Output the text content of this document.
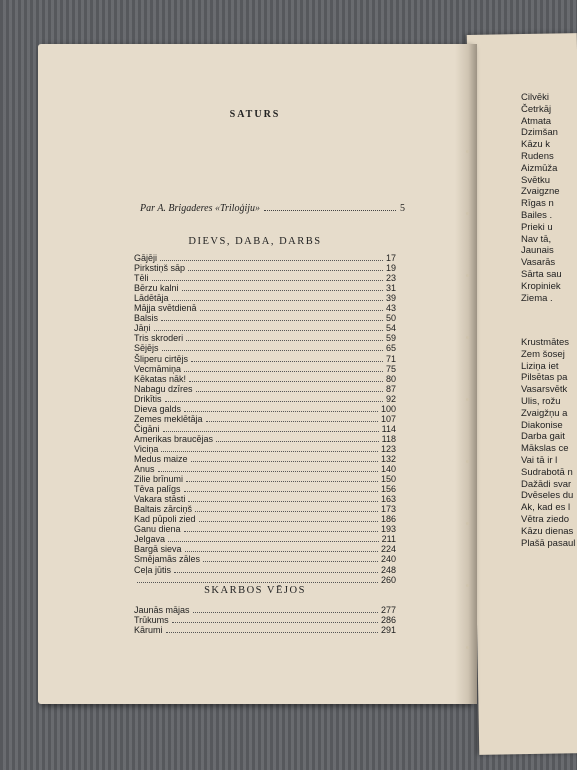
SATURS
Par A. Brigaderes «Triloģiju»	5
DIEVS, DABA, DARBS
Gājēji	17
Pirkstiņš sāp	19
Tēli	23
Bērzu kalni	31
Lādētāja	39
Mājja svētdienā	43
Balsis	50
Jāņi	54
Tris skroderi	59
Sējējs	65
Šliperu cirtējs	71
Vecmāmiņa	75
Kēkatas nāk!	80
Nabagu dzīres	87
Drikītis	92
Dieva galds	100
Zemes meklētāja	107
Čigāni	114
Amerikas braucējas	118
Viciņa	123
Medus maize	132
Anus	140
Zilie brīnumi	150
Tēva palīgs	156
Vakara stāsti	163
Baltais zārciņš	173
Kad pūpoli zied	186
Ganu diena	193
Jelgava	211
Bargā sieva	224
Smējamās zāles	240
Ceļa jūtis	248
260
SKARBOS VĒJOS
Jaunās mājas	277
Trūkums	286
Kārumi	291
Cilvēki
Četrkāj
Atmata
Dzimšan
Kāzu k
Rudens
Aizmūža
Svētku
Zvaigzne
Rīgas n
Bailes .
Prieki u
Nav tā,
Jaunais
Vasarās
Sārta sau
Kropiniek
Ziema .
Krustmātes
Zem šosej
Liziņa iet
Pilsētas pa
Vasarsvētk
Ulis, rožu
Zvaigžņu a
Diakonise
Darba gait
Mākslas ce
Vai tā ir l
Sudrabotā n
Dažādi svar
Dvēseles du
Ak, kad es l
Vētra ziedo
Kāzu dienas
Plašā pasaul
